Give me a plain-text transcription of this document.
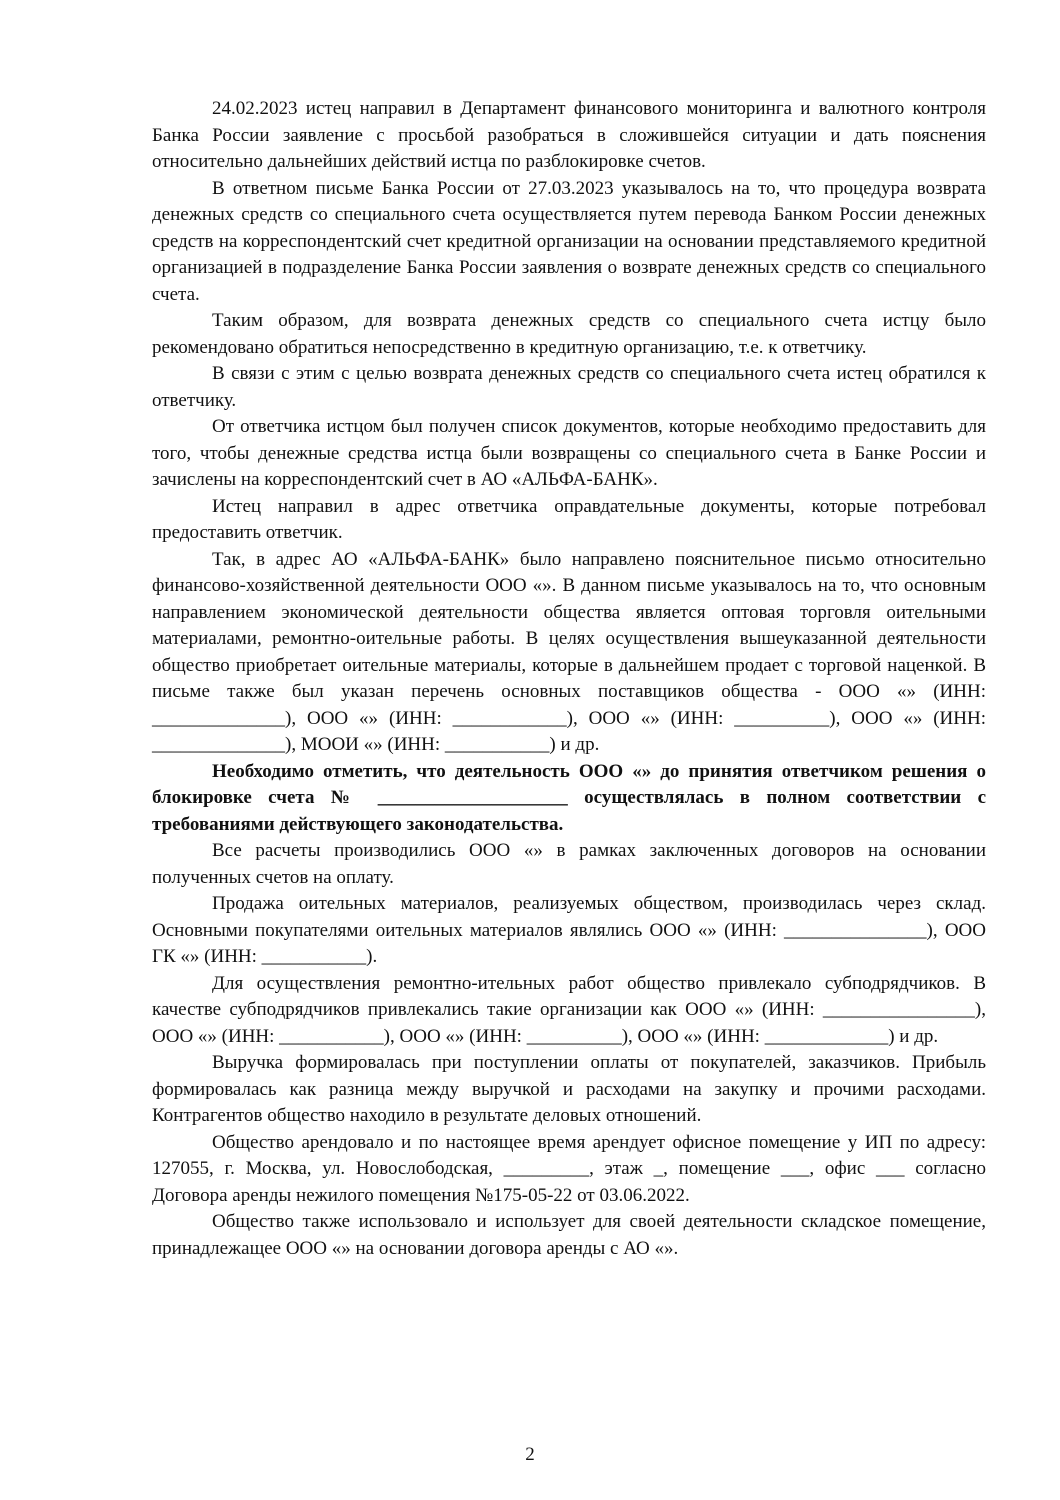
24.02.2023 истец направил в Департамент финансового мониторинга и валютного контроля Банка России заявление с просьбой разобраться в сложившейся ситуации и дать пояснения относительно дальнейших действий истца по разблокировке счетов.

В ответном письме Банка России от 27.03.2023 указывалось на то, что процедура возврата денежных средств со специального счета осуществляется путем перевода Банком России денежных средств на корреспондентский счет кредитной организации на основании представляемого кредитной организацией в подразделение Банка России заявления о возврате денежных средств со специального счета.

Таким образом, для возврата денежных средств со специального счета истцу было рекомендовано обратиться непосредственно в кредитную организацию, т.е. к ответчику.

В связи с этим с целью возврата денежных средств со специального счета истец обратился к ответчику.

От ответчика истцом был получен список документов, которые необходимо предоставить для того, чтобы денежные средства истца были возвращены со специального счета в Банке России и зачислены на корреспондентский счет в АО «АЛЬФА-БАНК».

Истец направил в адрес ответчика оправдательные документы, которые потребовал предоставить ответчик.

Так, в адрес АО «АЛЬФА-БАНК» было направлено пояснительное письмо относительно финансово-хозяйственной деятельности ООО «». В данном письме указывалось на то, что основным направлением экономической деятельности общества является оптовая торговля оительными материалами, ремонтно-оительные работы. В целях осуществления вышеуказанной деятельности общество приобретает оительные материалы, которые в дальнейшем продает с торговой наценкой. В письме также был указан перечень основных поставщиков общества - ООО «» (ИНН: ______________), ООО «» (ИНН: ____________), ООО «» (ИНН: __________), ООО «» (ИНН: ______________), МООИ «» (ИНН: ___________) и др.

Необходимо отметить, что деятельность ООО «» до принятия ответчиком решения о блокировке счета № ____________________ осуществлялась в полном соответствии с требованиями действующего законодательства.

Все расчеты производились ООО «» в рамках заключенных договоров на основании полученных счетов на оплату.

Продажа оительных материалов, реализуемых обществом, производилась через склад. Основными покупателями оительных материалов являлись ООО «» (ИНН: _______________), ООО ГК «» (ИНН: ___________).

Для осуществления ремонтно-ительных работ общество привлекало субподрядчиков. В качестве субподрядчиков привлекались такие организации как ООО «» (ИНН: ________________), ООО «» (ИНН: ___________), ООО «» (ИНН: __________), ООО «» (ИНН: _____________) и др.

Выручка формировалась при поступлении оплаты от покупателей, заказчиков. Прибыль формировалась как разница между выручкой и расходами на закупку и прочими расходами. Контрагентов общество находило в результате деловых отношений.

Общество арендовало и по настоящее время арендует офисное помещение у ИП по адресу: 127055, г. Москва, ул. Новослободская, _________, этаж _, помещение ___, офис ___ согласно Договора аренды нежилого помещения №175-05-22 от 03.06.2022.

Общество также использовало и использует для своей деятельности складское помещение, принадлежащее ООО «» на основании договора аренды с АО «».

2
